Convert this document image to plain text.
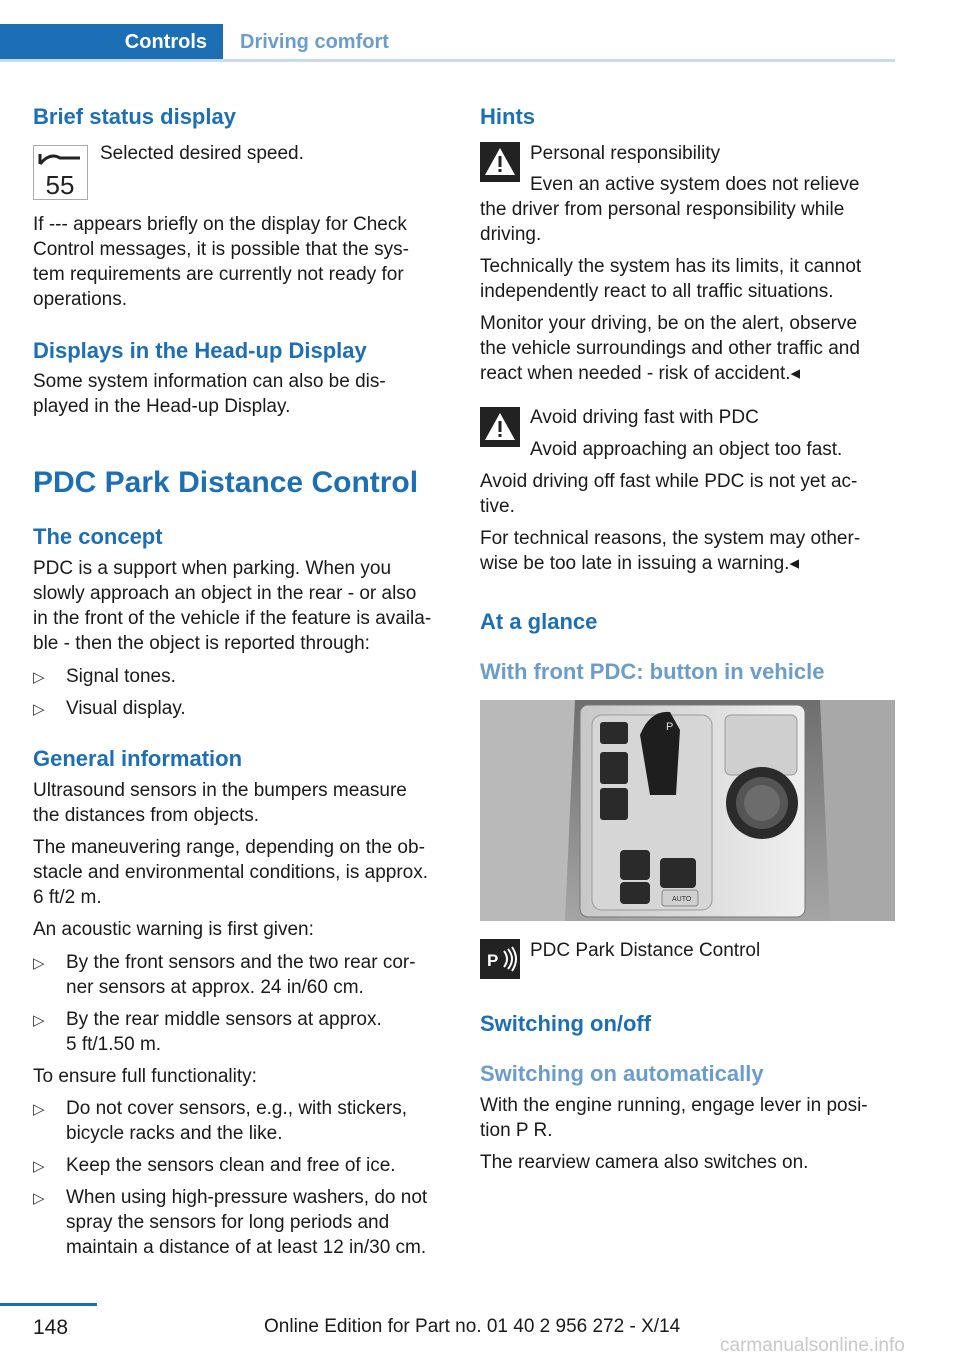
Controls	Driving comfort
Brief status display
55
Selected desired speed.
If --- appears briefly on the display for Check
Control messages, it is possible that the sys‐
tem requirements are currently not ready for
operations.
Displays in the Head-up Display
Some system information can also be dis‐
played in the Head-up Display.
PDC Park Distance Control
The concept
PDC is a support when parking. When you
slowly approach an object in the rear - or also
in the front of the vehicle if the feature is availa‐
ble - then the object is reported through:
▷ Signal tones.
▷ Visual display.
General information
Ultrasound sensors in the bumpers measure
the distances from objects.
The maneuvering range, depending on the ob‐
stacle and environmental conditions, is approx.
6 ft/2 m.
An acoustic warning is first given:
▷ By the front sensors and the two rear cor‐
ner sensors at approx. 24 in/60 cm.
▷ By the rear middle sensors at approx.
5 ft/1.50 m.
To ensure full functionality:
▷ Do not cover sensors, e.g., with stickers,
bicycle racks and the like.
▷ Keep the sensors clean and free of ice.
▷ When using high-pressure washers, do not
spray the sensors for long periods and
maintain a distance of at least 12 in/30 cm.
Hints
Personal responsibility
Even an active system does not relieve
the driver from personal responsibility while
driving.
Technically the system has its limits, it cannot
independently react to all traffic situations.
Monitor your driving, be on the alert, observe
the vehicle surroundings and other traffic and
react when needed - risk of accident.◂
Avoid driving fast with PDC
Avoid approaching an object too fast.
Avoid driving off fast while PDC is not yet ac‐
tive.
For technical reasons, the system may other‐
wise be too late in issuing a warning.◂
At a glance
With front PDC: button in vehicle
P
AUTO
P PDC Park Distance Control
Switching on/off
Switching on automatically
With the engine running, engage lever in posi‐
tion P R.
The rearview camera also switches on.
148	Online Edition for Part no. 01 40 2 956 272 - X/14
carmanualsonline.info
